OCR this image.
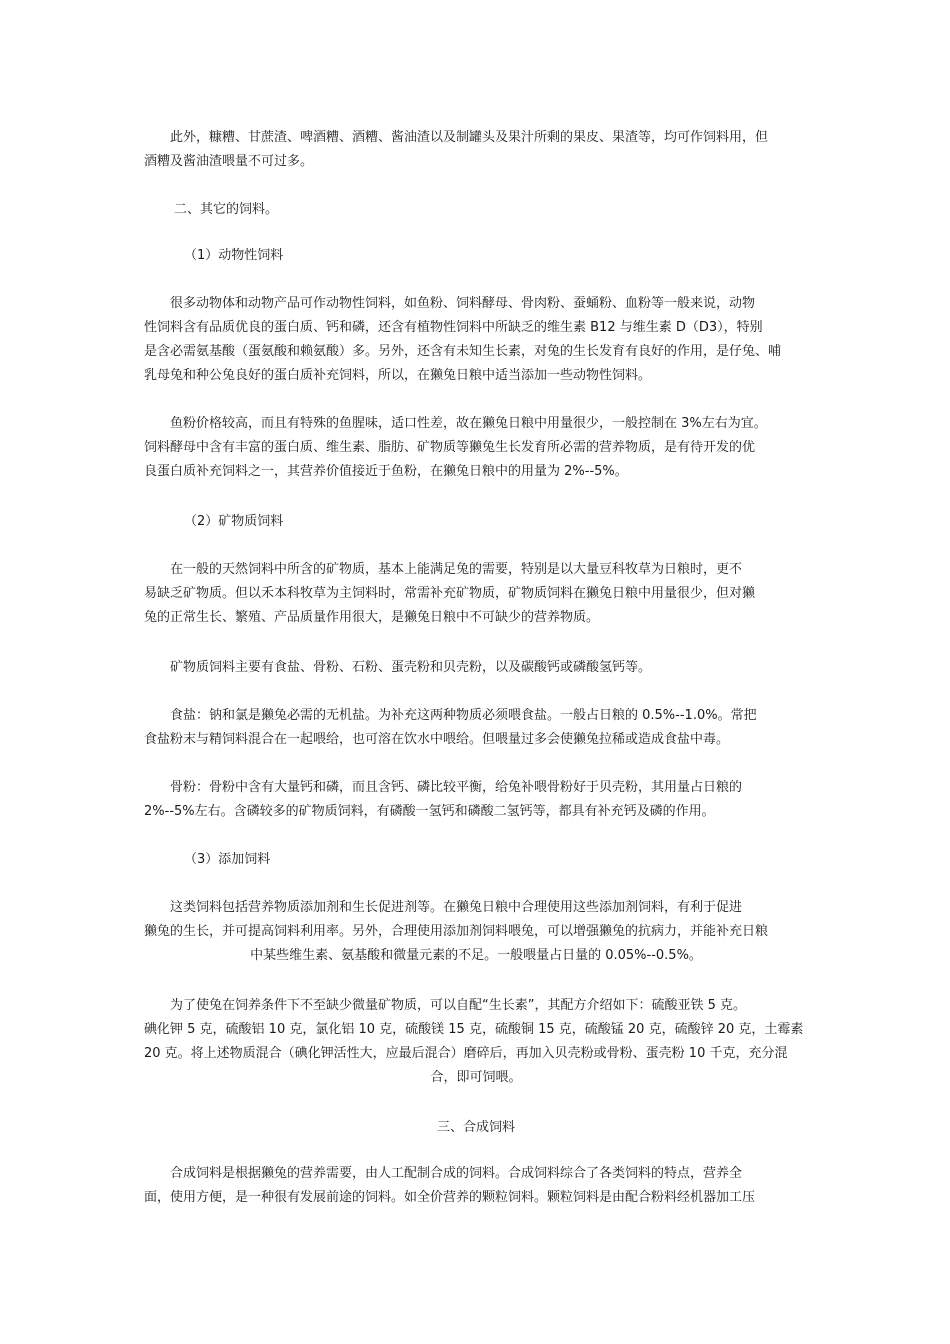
此外，糠糟、甘蔗渣、啤酒糟、酒糟、酱油渣以及制罐头及果汁所剩的果皮、果渣等，均可作饲料用，但
酒糟及酱油渣喂量不可过多。
二、其它的饲料。
（1）动物性饲料
很多动物体和动物产品可作动物性饲料，如鱼粉、饲料酵母、骨肉粉、蚕蛹粉、血粉等一般来说，动物
性饲料含有品质优良的蛋白质、钙和磷，还含有植物性饲料中所缺乏的维生素 B12 与维生素 D（D3），特别
是含必需氨基酸（蛋氨酸和赖氨酸）多。另外，还含有未知生长素，对兔的生长发育有良好的作用，是仔兔、哺
乳母兔和种公兔良好的蛋白质补充饲料，所以，在獭兔日粮中适当添加一些动物性饲料。
鱼粉价格较高，而且有特殊的鱼腥味，适口性差，故在獭兔日粮中用量很少，一般控制在 3%左右为宜。
饲料酵母中含有丰富的蛋白质、维生素、脂肪、矿物质等獭兔生长发育所必需的营养物质，是有待开发的优
良蛋白质补充饲料之一，其营养价值接近于鱼粉，在獭兔日粮中的用量为 2%--5%。
（2）矿物质饲料
在一般的天然饲料中所含的矿物质，基本上能满足兔的需要，特别是以大量豆科牧草为日粮时，更不
易缺乏矿物质。但以禾本科牧草为主饲料时，常需补充矿物质，矿物质饲料在獭兔日粮中用量很少，但对獭
兔的正常生长、繁殖、产品质量作用很大，是獭兔日粮中不可缺少的营养物质。
矿物质饲料主要有食盐、骨粉、石粉、蛋壳粉和贝壳粉，以及碳酸钙或磷酸氢钙等。
食盐：钠和氯是獭兔必需的无机盐。为补充这两种物质必须喂食盐。一般占日粮的 0.5%--1.0%。常把
食盐粉末与精饲料混合在一起喂给，也可溶在饮水中喂给。但喂量过多会使獭兔拉稀或造成食盐中毒。
骨粉：骨粉中含有大量钙和磷，而且含钙、磷比较平衡，给兔补喂骨粉好于贝壳粉，其用量占日粮的
2%--5%左右。含磷较多的矿物质饲料，有磷酸一氢钙和磷酸二氢钙等，都具有补充钙及磷的作用。
（3）添加饲料
这类饲料包括营养物质添加剂和生长促进剂等。在獭兔日粮中合理使用这些添加剂饲料，有利于促进
獭兔的生长，并可提高饲料利用率。另外，合理使用添加剂饲料喂兔，可以增强獭兔的抗病力，并能补充日粮
中某些维生素、氨基酸和微量元素的不足。一般喂量占日量的 0.05%--0.5%。
为了使兔在饲养条件下不至缺少微量矿物质，可以自配“生长素”，其配方介绍如下：硫酸亚铁 5 克。
碘化钾 5 克，硫酸铝 10 克，氯化铝 10 克，硫酸镁 15 克，硫酸铜 15 克，硫酸锰 20 克，硫酸锌 20 克，土霉素
20 克。将上述物质混合（碘化钾活性大，应最后混合）磨碎后，再加入贝壳粉或骨粉、蛋壳粉 10 千克，充分混
合，即可饲喂。
三、合成饲料
合成饲料是根据獭兔的营养需要，由人工配制合成的饲料。合成饲料综合了各类饲料的特点，营养全
面，使用方便，是一种很有发展前途的饲料。如全价营养的颗粒饲料。颗粒饲料是由配合粉料经机器加工压
